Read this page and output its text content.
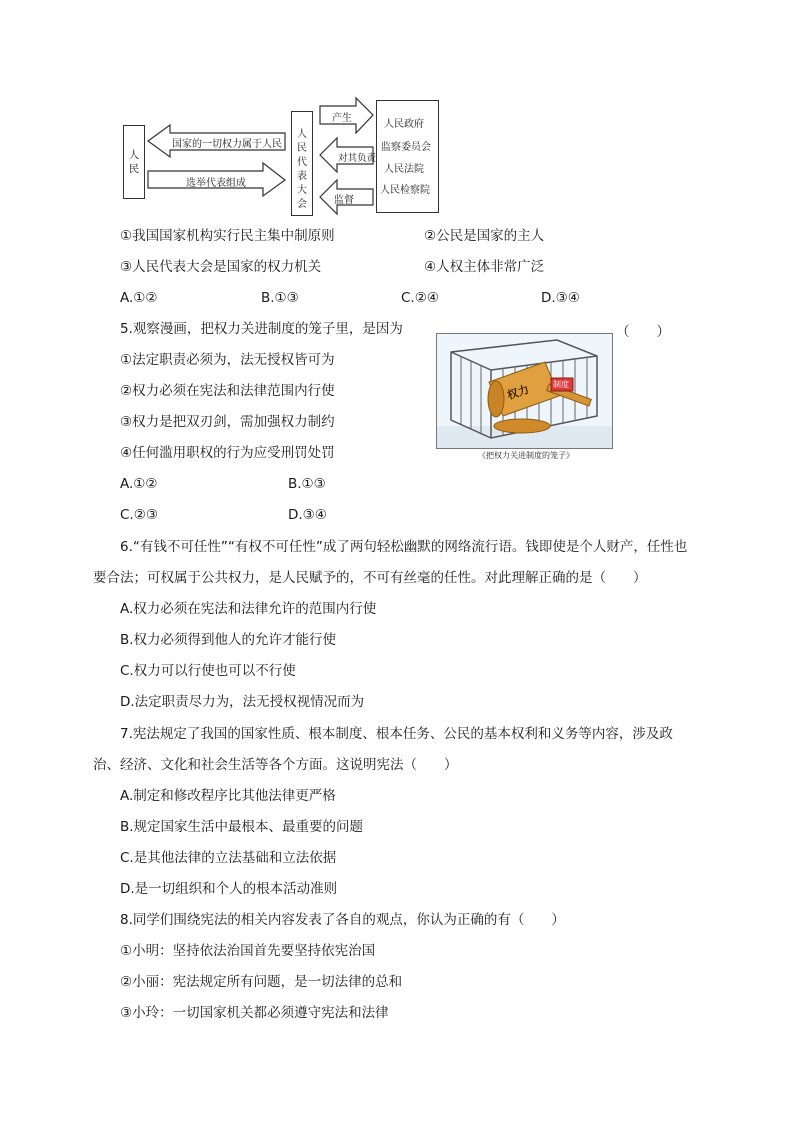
人民
国家的一切权力属于人民
选举代表组成
人民代表大会
产生
对其负责
监督
人民政府
监察委员会
人民法院
人民检察院
①我国国家机构实行民主集中制原则	②公民是国家的主人
③人民代表大会是国家的权力机关	④人权主体非常广泛
A.①②	B.①③	C.②④	D.③④
5.观察漫画，把权力关进制度的笼子里，是因为	（　　）
①法定职责必须为，法无授权皆可为
②权力必须在宪法和法律范围内行使
③权力是把双刃剑，需加强权力制约
④任何滥用职权的行为应受刑罚处罚
A.①②	B.①③
C.②③	D.③④
权力	制度
《把权力关进制度的笼子》
6.“有钱不可任性”“有权不可任性”成了两句轻松幽默的网络流行语。钱即使是个人财产，任性也
要合法；可权属于公共权力，是人民赋予的，不可有丝毫的任性。对此理解正确的是（　　）
A.权力必须在宪法和法律允许的范围内行使
B.权力必须得到他人的允许才能行使
C.权力可以行使也可以不行使
D.法定职责尽力为，法无授权视情况而为
7.宪法规定了我国的国家性质、根本制度、根本任务、公民的基本权利和义务等内容，涉及政
治、经济、文化和社会生活等各个方面。这说明宪法（　　）
A.制定和修改程序比其他法律更严格
B.规定国家生活中最根本、最重要的问题
C.是其他法律的立法基础和立法依据
D.是一切组织和个人的根本活动准则
8.同学们围绕宪法的相关内容发表了各自的观点，你认为正确的有（　　）
①小明：坚持依法治国首先要坚持依宪治国
②小丽：宪法规定所有问题，是一切法律的总和
③小玲：一切国家机关都必须遵守宪法和法律
